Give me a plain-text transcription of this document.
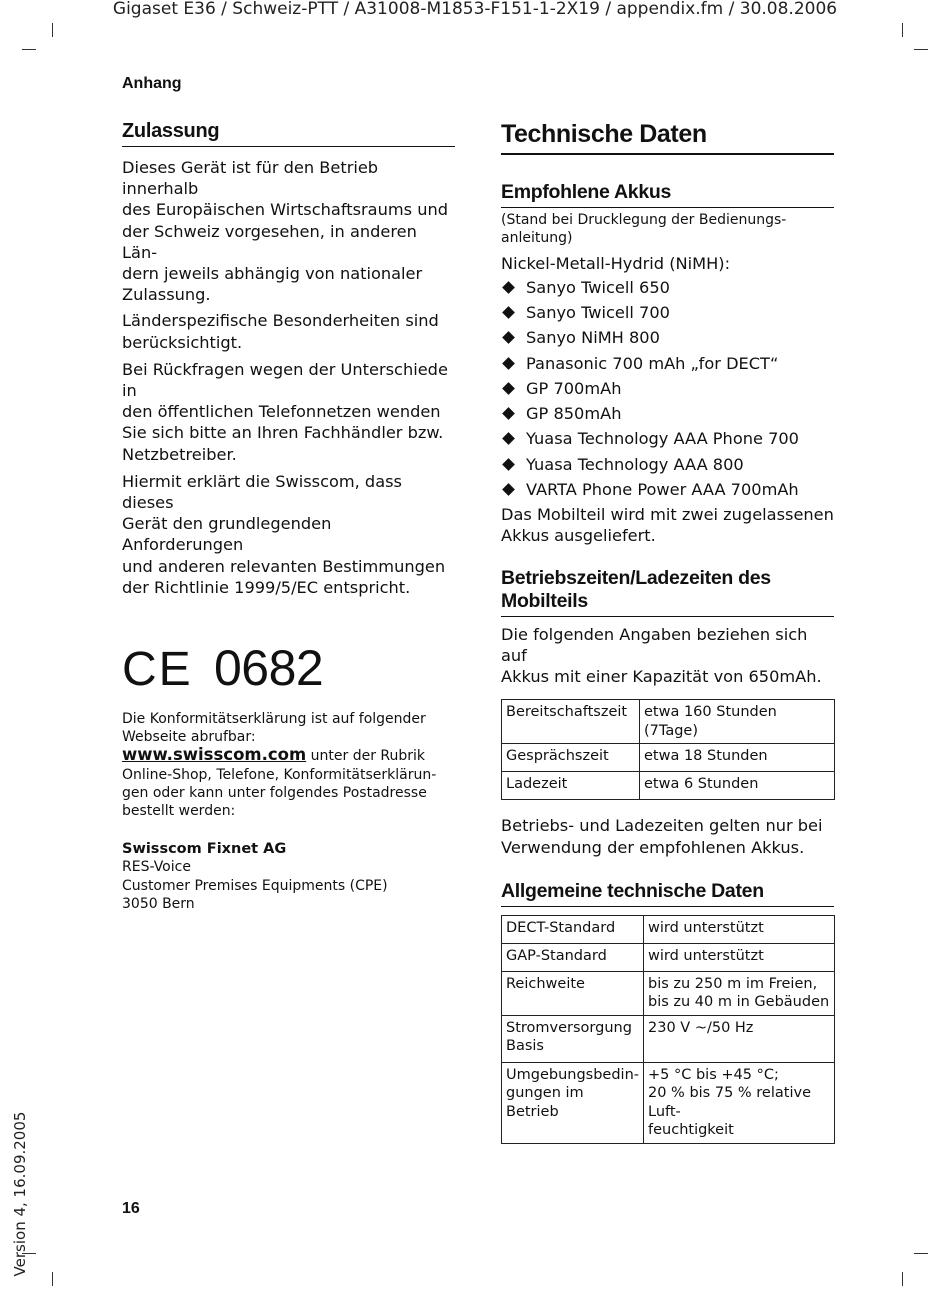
Gigaset E36 / Schweiz-PTT / A31008-M1853-F151-1-2X19 / appendix.fm / 30.08.2006
Version 4, 16.09.2005
Anhang
16
Zulassung

Dieses Gerät ist für den Betrieb innerhalb
des Europäischen Wirtschaftsraums und
der Schweiz vorgesehen, in anderen Län-
dern jeweils abhängig von nationaler
Zulassung.

Länderspezifische Besonderheiten sind
berücksichtigt.

Bei Rückfragen wegen der Unterschiede in
den öffentlichen Telefonnetzen wenden
Sie sich bitte an Ihren Fachhändler bzw.
Netzbetreiber.

Hiermit erklärt die Swisscom, dass dieses
Gerät den grundlegenden Anforderungen
und anderen relevanten Bestimmungen
der Richtlinie 1999/5/EC entspricht.

CE 0682

Die Konformitätserklärung ist auf folgender
Webseite abrufbar:
www.swisscom.com unter der Rubrik
Online-Shop, Telefone, Konformitätserklärun-
gen oder kann unter folgendes Postadresse
bestellt werden:

Swisscom Fixnet AG
RES-Voice
Customer Premises Equipments (CPE)
3050 Bern

Technische Daten
Empfohlene Akkus

(Stand bei Drucklegung der Bedienungs-
anleitung)

Nickel-Metall-Hydrid (NiMH):

Sanyo Twicell 650
Sanyo Twicell 700
Sanyo NiMH 800
Panasonic 700 mAh „for DECT“
GP 700mAh
GP 850mAh
Yuasa Technology AAA Phone 700
Yuasa Technology AAA 800
VARTA Phone Power AAA 700mAh

Das Mobilteil wird mit zwei zugelassenen
Akkus ausgeliefert.

Betriebszeiten/Ladezeiten des
Mobilteils

Die folgenden Angaben beziehen sich auf
Akkus mit einer Kapazität von 650mAh.

Bereitschaftszeit	etwa 160 Stunden (7Tage)
Gesprächszeit	etwa 18 Stunden
Ladezeit	etwa 6 Stunden

Betriebs- und Ladezeiten gelten nur bei
Verwendung der empfohlenen Akkus.

Allgemeine technische Daten
DECT-Standard	wird unterstützt
GAP-Standard	wird unterstützt
Reichweite	bis zu 250 m im Freien,
bis zu 40 m in Gebäuden
Stromversorgung
Basis	230 V ~/50 Hz
Umgebungsbedin-
gungen im Betrieb	+5 °C bis +45 °C;
20 % bis 75 % relative Luft-
feuchtigkeit
